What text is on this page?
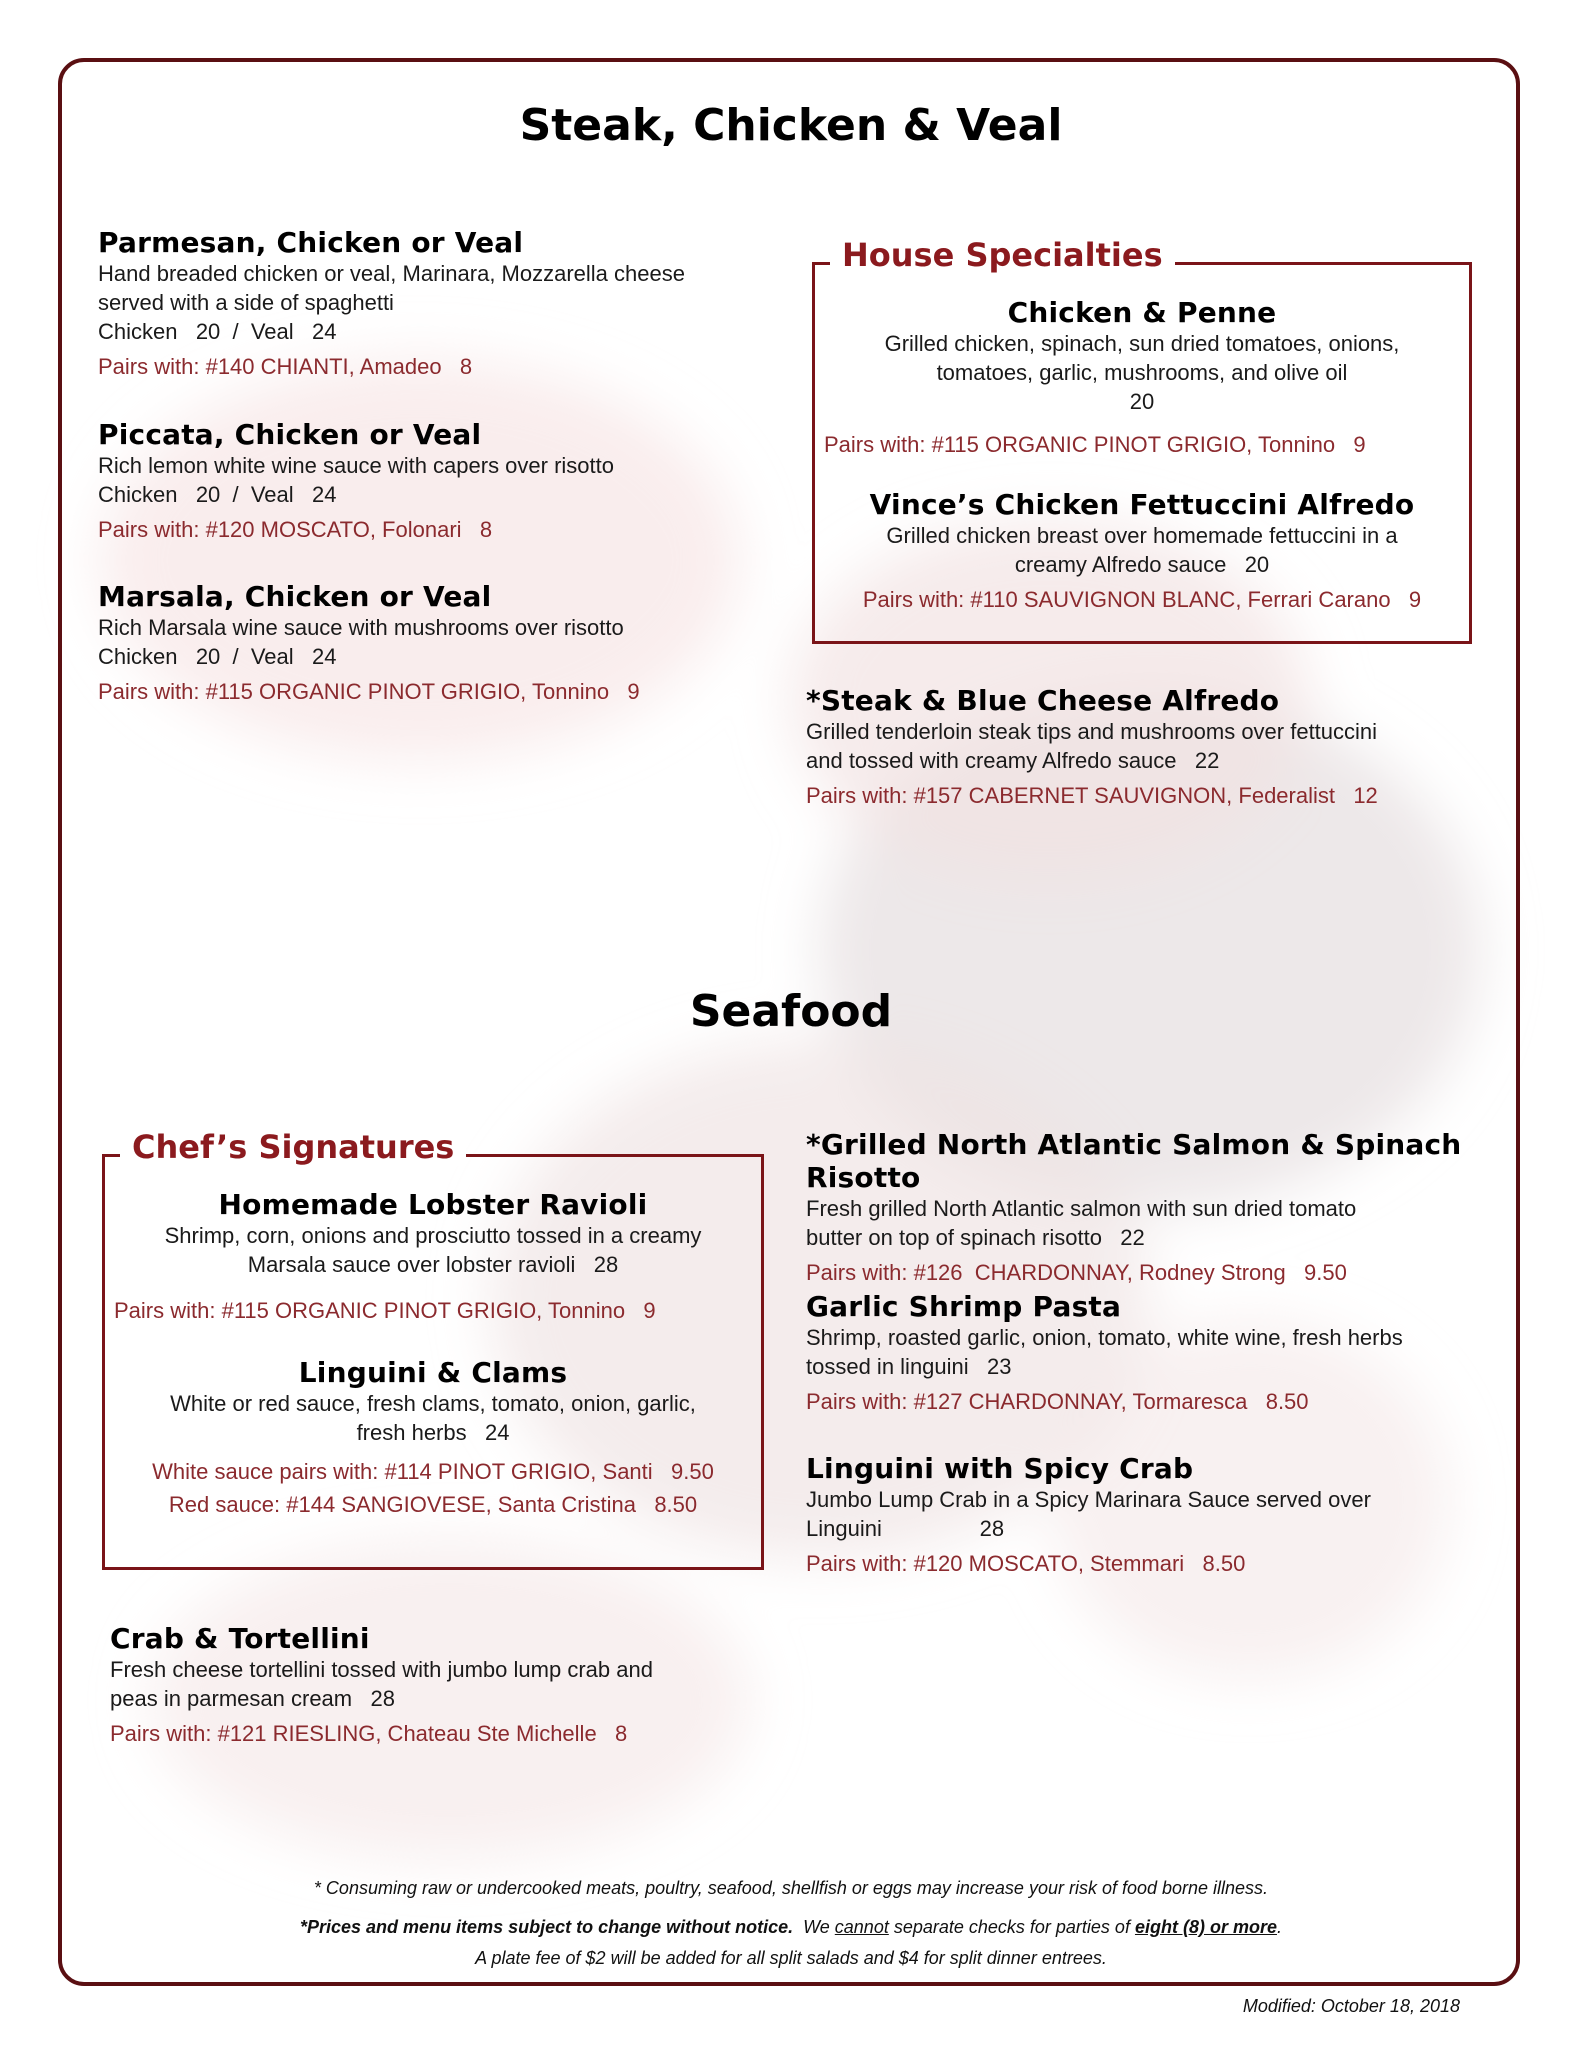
Steak, Chicken & Veal

Parmesan, Chicken or Veal

Hand breaded chicken or veal, Marinara, Mozzarella cheese

served with a side of spaghetti

Chicken   20  /  Veal   24

Pairs with: #140 CHIANTI, Amadeo   8

Piccata, Chicken or Veal

Rich lemon white wine sauce with capers over risotto

Chicken   20  /  Veal   24

Pairs with: #120 MOSCATO, Folonari   8

Marsala, Chicken or Veal

Rich Marsala wine sauce with mushrooms over risotto

Chicken   20  /  Veal   24

Pairs with: #115 ORGANIC PINOT GRIGIO, Tonnino   9

House Specialties

Chicken & Penne

Grilled chicken, spinach, sun dried tomatoes, onions,

tomatoes, garlic, mushrooms, and olive oil

20

Pairs with: #115 ORGANIC PINOT GRIGIO, Tonnino   9

Vince’s Chicken Fettuccini Alfredo

Grilled chicken breast over homemade fettuccini in a

creamy Alfredo sauce   20

Pairs with: #110 SAUVIGNON BLANC, Ferrari Carano   9

*Steak & Blue Cheese Alfredo

Grilled tenderloin steak tips and mushrooms over fettuccini

and tossed with creamy Alfredo sauce   22

Pairs with: #157 CABERNET SAUVIGNON, Federalist   12

Seafood
Chef’s Signatures

Homemade Lobster Ravioli

Shrimp, corn, onions and prosciutto tossed in a creamy

Marsala sauce over lobster ravioli   28

Pairs with: #115 ORGANIC PINOT GRIGIO, Tonnino   9

Linguini & Clams

White or red sauce, fresh clams, tomato, onion, garlic,

fresh herbs   24

White sauce pairs with: #114 PINOT GRIGIO, Santi   9.50

Red sauce: #144 SANGIOVESE, Santa Cristina   8.50

Crab & Tortellini

Fresh cheese tortellini tossed with jumbo lump crab and

peas in parmesan cream   28

Pairs with: #121 RIESLING, Chateau Ste Michelle   8

*Grilled North Atlantic Salmon & Spinach Risotto

Fresh grilled North Atlantic salmon with sun dried tomato

butter on top of spinach risotto   22

Pairs with: #126  CHARDONNAY, Rodney Strong   9.50

Garlic Shrimp Pasta

Shrimp, roasted garlic, onion, tomato, white wine, fresh herbs

tossed in linguini   23

Pairs with: #127 CHARDONNAY, Tormaresca   8.50

Linguini with Spicy Crab

Jumbo Lump Crab in a Spicy Marinara Sauce served over

Linguini                28

Pairs with: #120 MOSCATO, Stemmari   8.50

* Consuming raw or undercooked meats, poultry, seafood, shellfish or eggs may increase your risk of food borne illness.

*Prices and menu items subject to change without notice.  We cannot separate checks for parties of eight (8) or more.

A plate fee of $2 will be added for all split salads and $4 for split dinner entrees.

Modified: October 18, 2018
